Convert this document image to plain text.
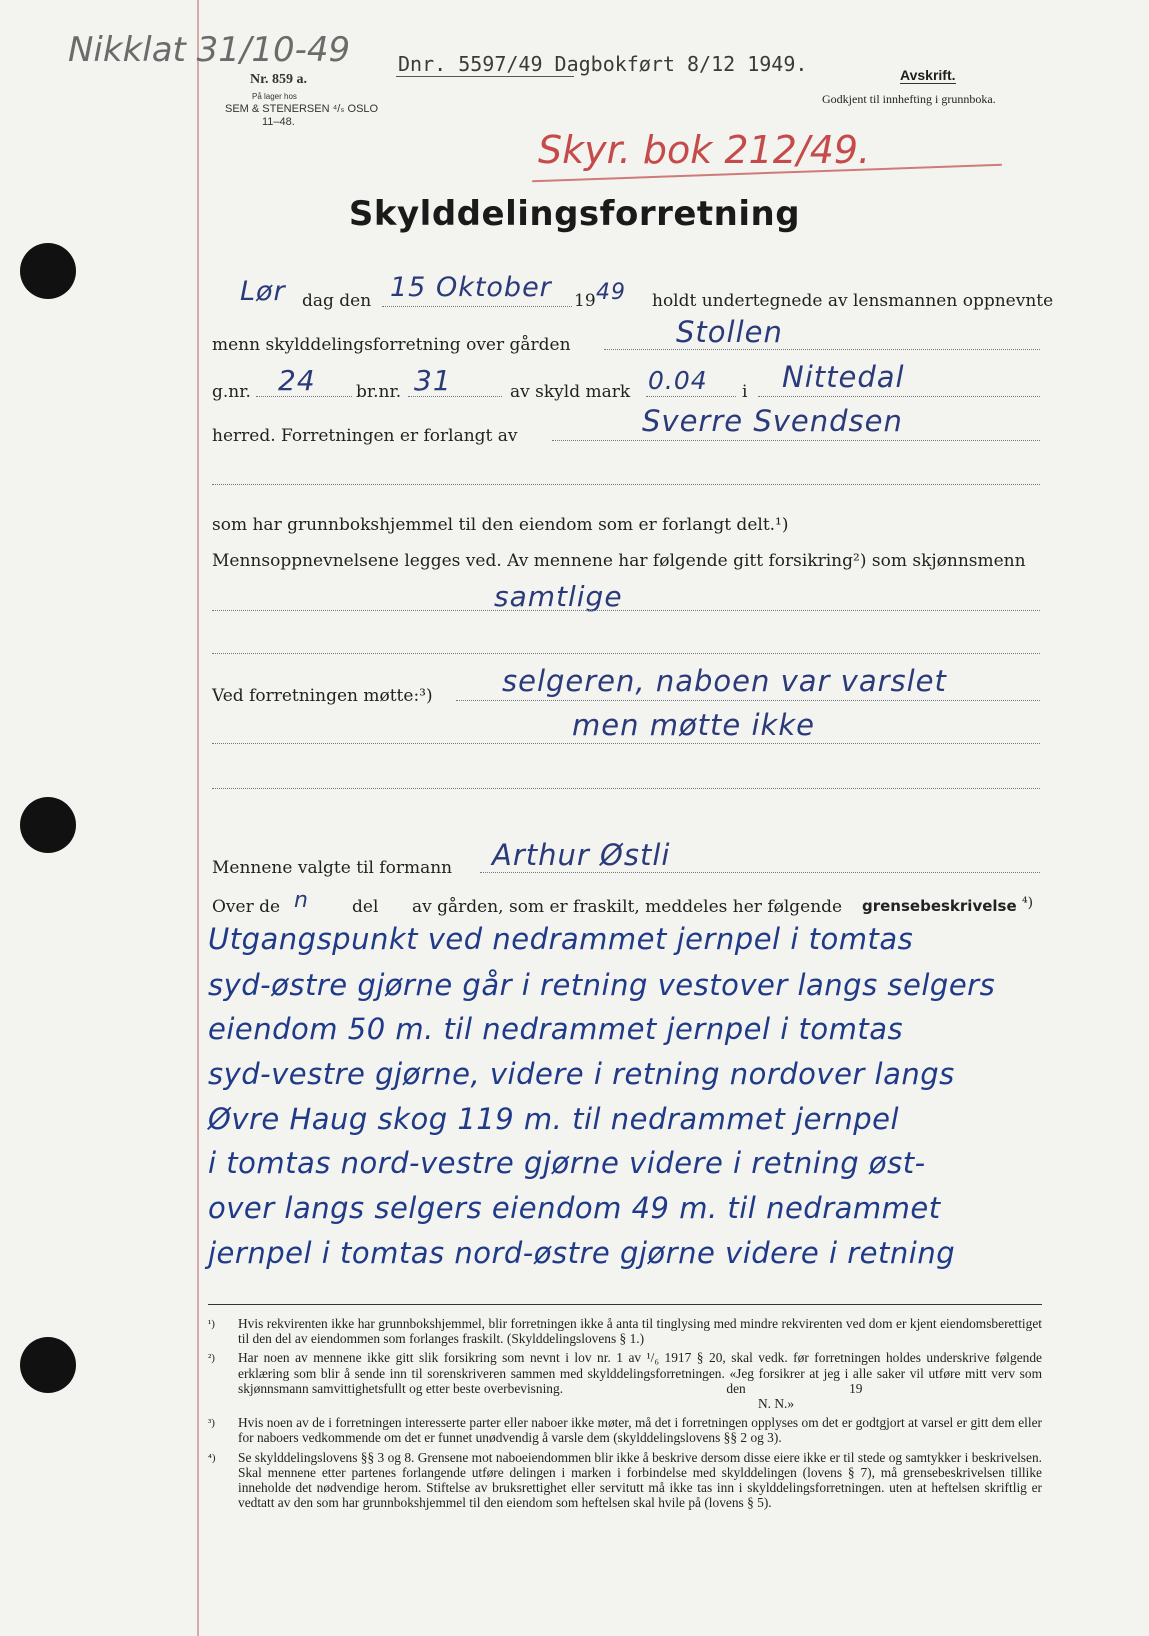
Nikklat 31/10-49
Nr. 859 a.
På lager hos
SEM & STENERSEN ⁴/ₛ OSLO
11–48.
Dnr. 5597/49 Dagbokført 8/12 1949.	Avskrift.
Godkjent til innhefting i grunnboka.
Skyr. bok 212/49.
Skylddelingsforretning
Lør dag den 15 Oktober 19 49 holdt undertegnede av lensmannen oppnevnte
menn skylddelingsforretning over gården	Stollen
g.nr. 24 br.nr. 31	av skyld mark 0.04 i Nittedal
herred. Forretningen er forlangt av	Sverre Svendsen
som har grunnbokshjemmel til den eiendom som er forlangt delt.¹)
Mennsoppnevnelsene legges ved. Av mennene har følgende gitt forsikring²) som skjønnsmenn
samtlige
Ved forretningen møtte:³) selgeren, naboen var varslet
men møtte ikke
Mennene valgte til formann Arthur Østli
Over de n	del av gården, som er fraskilt, meddeles her følgende grensebeskrivelse ⁴)
Utgangspunkt ved nedrammet jernpel i tomtas
syd-østre gjørne går i retning vestover langs selgers
eiendom 50 m. til nedrammet jernpel i tomtas
syd-vestre gjørne, videre i retning nordover langs
Øvre Haug skog 119 m. til nedrammet jernpel
i tomtas nord-vestre gjørne videre i retning øst-
over langs selgers eiendom 49 m. til nedrammet
jernpel i tomtas nord-østre gjørne videre i retning
¹)	Hvis rekvirenten ikke har grunnbokshjemmel, blir forretningen ikke å anta til tinglysing med mindre rekvirenten ved dom er kjent eiendomsberettiget til den del av eiendommen som forlanges fraskilt. (Skylddelingslovens § 1.)
²)	Har noen av mennene ikke gitt slik forsikring som nevnt i lov nr. 1 av ¹/₆ 1917 § 20, skal vedk. før forretningen holdes underskrive følgende erklæring som blir å sende inn til sorenskriveren sammen med skylddelingsforretningen. «Jeg forsikrer at jeg i alle saker vil utføre mitt verv som skjønnsmann samvittighetsfullt og etter beste overbevisning.	den	19
N. N.»
³)	Hvis noen av de i forretningen interesserte parter eller naboer ikke møter, må det i forretningen opplyses om det er godtgjort at varsel er gitt dem eller for naboers vedkommende om det er funnet unødvendig å varsle dem (skylddelingslovens §§ 2 og 3).
⁴)	Se skylddelingslovens §§ 3 og 8. Grensene mot naboeiendommen blir ikke å beskrive dersom disse eiere ikke er til stede og samtykker i beskrivelsen. Skal mennene etter partenes forlangende utføre delingen i marken i forbindelse med skylddelingen (lovens § 7), må grensebeskrivelsen tillike inneholde det nødvendige herom. Stiftelse av bruksrettighet eller servitutt må ikke tas inn i skylddelingsforretningen. uten at heftelsen skriftlig er vedtatt av den som har grunnbokshjemmel til den eiendom som heftelsen skal hvile på (lovens § 5).
